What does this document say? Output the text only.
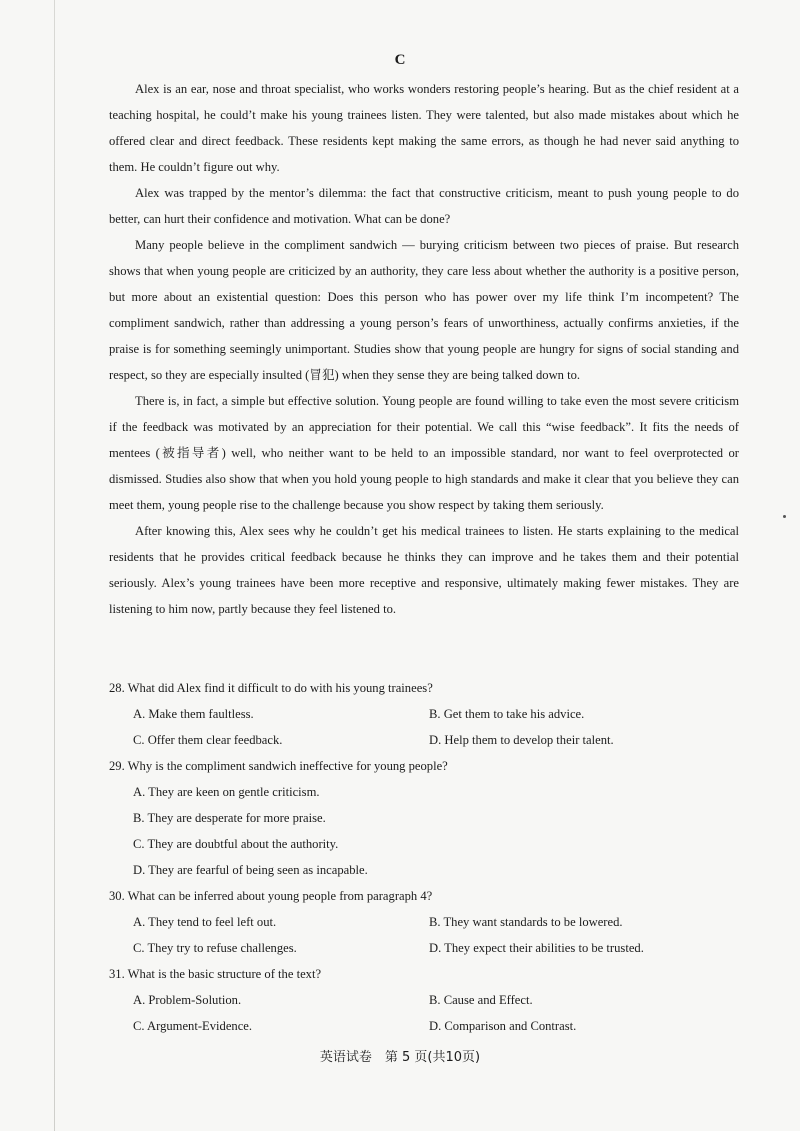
C

Alex is an ear, nose and throat specialist, who works wonders restoring people’s hearing. But as the chief resident at a teaching hospital, he could’t make his young trainees listen. They were talented, but also made mistakes about which he offered clear and direct feedback. These residents kept making the same errors, as though he had never said anything to them. He couldn’t figure out why.

Alex was trapped by the mentor’s dilemma: the fact that constructive criticism, meant to push young people to do better, can hurt their confidence and motivation. What can be done?

Many people believe in the compliment sandwich — burying criticism between two pieces of praise. But research shows that when young people are criticized by an authority, they care less about whether the authority is a positive person, but more about an existential question: Does this person who has power over my life think I’m incompetent? The compliment sandwich, rather than addressing a young person’s fears of unworthiness, actually confirms anxieties, if the praise is for something seemingly unimportant. Studies show that young people are hungry for signs of social standing and respect, so they are especially insulted (冒犯) when they sense they are being talked down to.

There is, in fact, a simple but effective solution. Young people are found willing to take even the most severe criticism if the feedback was motivated by an appreciation for their potential. We call this “wise feedback”. It fits the needs of mentees (被指导者) well, who neither want to be held to an impossible standard, nor want to feel overprotected or dismissed. Studies also show that when you hold young people to high standards and make it clear that you believe they can meet them, young people rise to the challenge because you show respect by taking them seriously.

After knowing this, Alex sees why he couldn’t get his medical trainees to listen. He starts explaining to the medical residents that he provides critical feedback because he thinks they can improve and he takes them and their potential seriously. Alex’s young trainees have been more receptive and responsive, ultimately making fewer mistakes. They are listening to him now, partly because they feel listened to.

28. What did Alex find it difficult to do with his young trainees?
A. Make them faultless.	B. Get them to take his advice.
C. Offer them clear feedback.	D. Help them to develop their talent.
29. Why is the compliment sandwich ineffective for young people?
A. They are keen on gentle criticism.
B. They are desperate for more praise.
C. They are doubtful about the authority.
D. They are fearful of being seen as incapable.
30. What can be inferred about young people from paragraph 4?
A. They tend to feel left out.	B. They want standards to be lowered.
C. They try to refuse challenges.	D. They expect their abilities to be trusted.
31. What is the basic structure of the text?
A. Problem-Solution.	B. Cause and Effect.
C. Argument-Evidence.	D. Comparison and Contrast.
英语试卷　第 5 页(共10页)
